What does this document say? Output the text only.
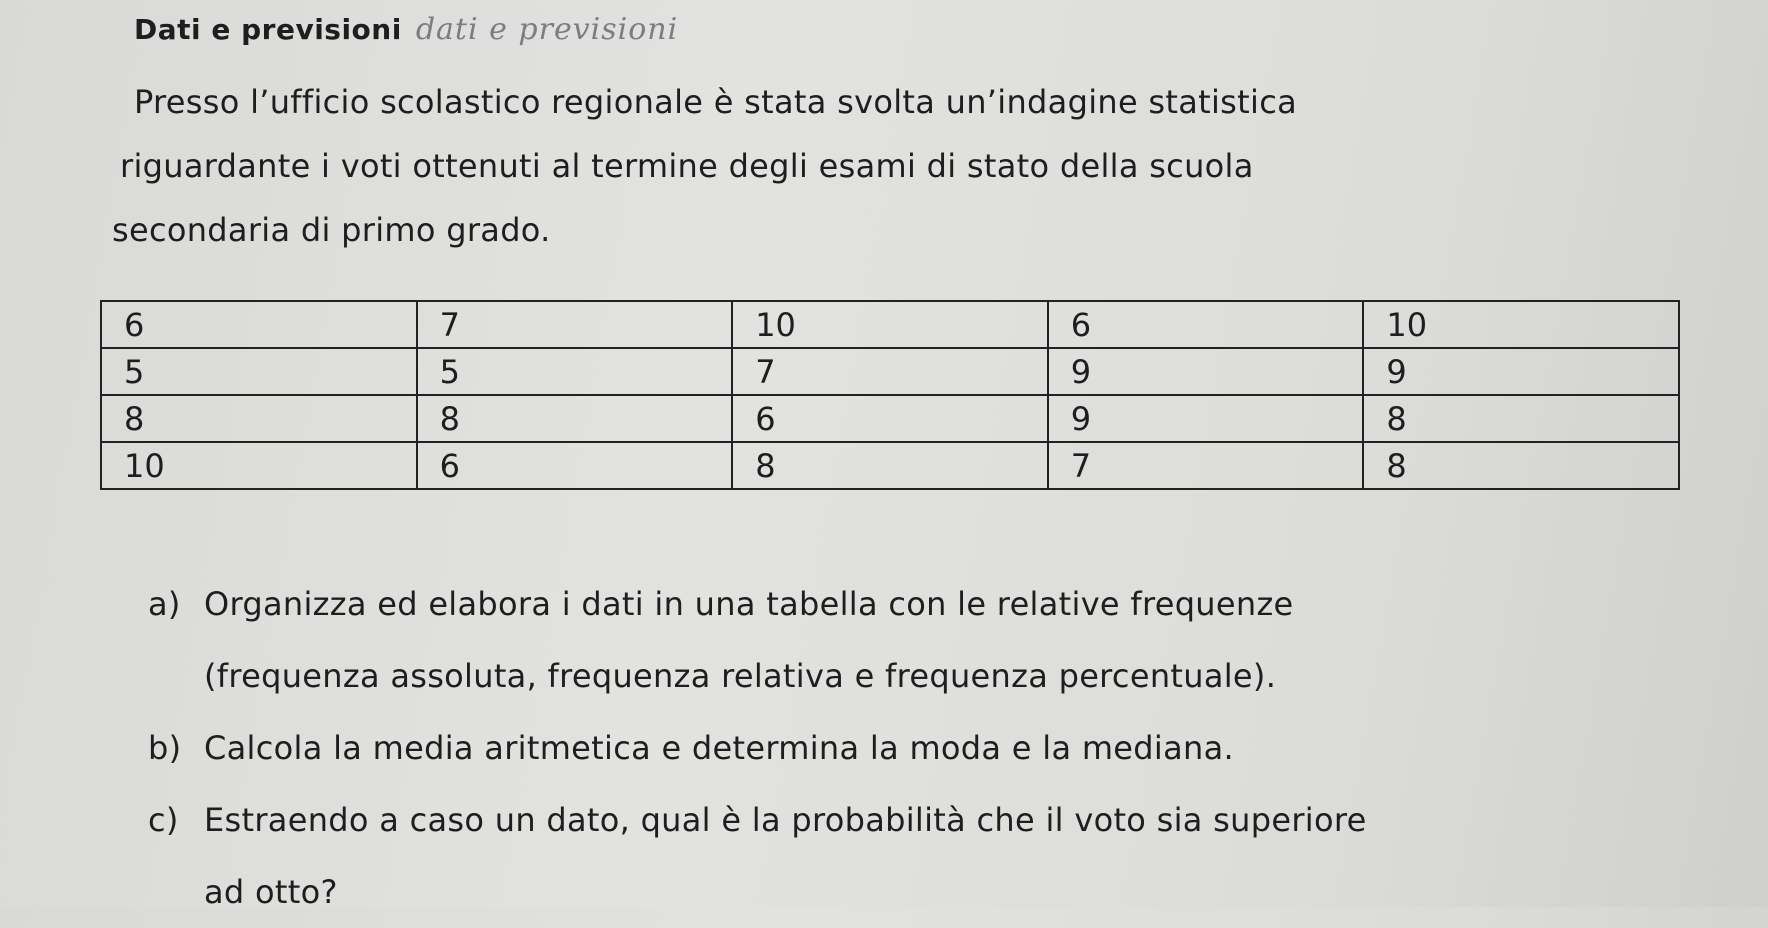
Dati e previsioni dati e previsioni

Presso l’ufficio scolastico regionale è stata svolta un’indagine statistica

riguardante i voti ottenuti al termine degli esami di stato della scuola

secondaria di primo grado.

6	7	10	6	10
5	5	7	9	9
8	8	6	9	8
10	6	8	7	8
a) Organizza ed elabora i dati in una tabella con le relative frequenze
(frequenza assoluta, frequenza relativa e frequenza percentuale).
b) Calcola la media aritmetica e determina la moda e la mediana.
c) Estraendo a caso un dato, qual è la probabilità che il voto sia superiore
ad otto?
